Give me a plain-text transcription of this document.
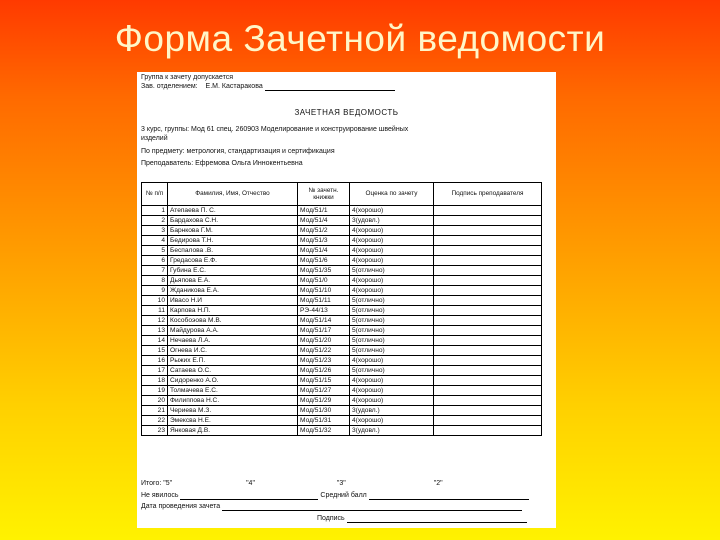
Форма Зачетной ведомости
Группа к зачету допускается
Зав. отделением: Е.М. Кастаракова
ЗАЧЕТНАЯ ВЕДОМОСТЬ
3 курс, группы: Мод 61 спец. 260903 Моделирование и конструирование швейных
изделий
По предмету: метрология, стандартизация и сертификация
Преподаватель: Ефремова Ольга Иннокентьевна
№ п/п	Фамилия, Имя, Отчество	№ зачетн. книжки	Оценка по зачету	Подпись преподавателя
1	Атепаева П. С.	Мод/51/1	4(хорошо)	
2	Бардахова С.Н.	Мод/51/4	3(удовл.)	
3	Барнкова Г.М.	Мод/51/2	4(хорошо)	
4	Бедирова Т.Н.	Мод/51/3	4(хорошо)	
5	Беспалова .В.	Мод/51/4	4(хорошо)	
6	Гредасова Е.Ф.	Мод/51/6	4(хорошо)	
7	Губина Е.С.	Мод/51/35	5(отлично)	
8	Дьяпова Е.А.	Мод/51/0	4(хорошо)	
9	Жданикова Е.А.	Мод/51/10	4(хорошо)	
10	Ивасо Н.И	Мод/51/11	5(отлично)	
11	Карпова Н.П.	РЭ-44/13	5(отлично)	
12	Кособоэова М.В.	Мод/51/14	5(отлично)	
13	Майдурова А.А.	Мод/51/17	5(отлично)	
14	Нечаева Л.А.	Мод/51/20	5(отлично)	
15	Огнева И.С.	Мод/51/22	5(отлично)	
16	Рыжих Е.П.	Мод/51/23	4(хорошо)	
17	Сатаева О.С.	Мод/51/26	5(отлично)	
18	Сидоренко А.О.	Мод/51/15	4(хорошо)	
19	Толмачева Е.С.	Мод/51/27	4(хорошо)	
20	Филиппова Н.С.	Мод/51/29	4(хорошо)	
21	Чериева М.З.	Мод/51/30	3(удовл.)	
22	Эмексва Н.Е.	Мод/51/31	4(хорошо)	
23	Янковая Д.В.	Мод/51/32	3(удовл.)	
Итого: "5"	"4"	"3"	"2"
Не явилось	Средний балл
Дата проведения зачета
Подпись
